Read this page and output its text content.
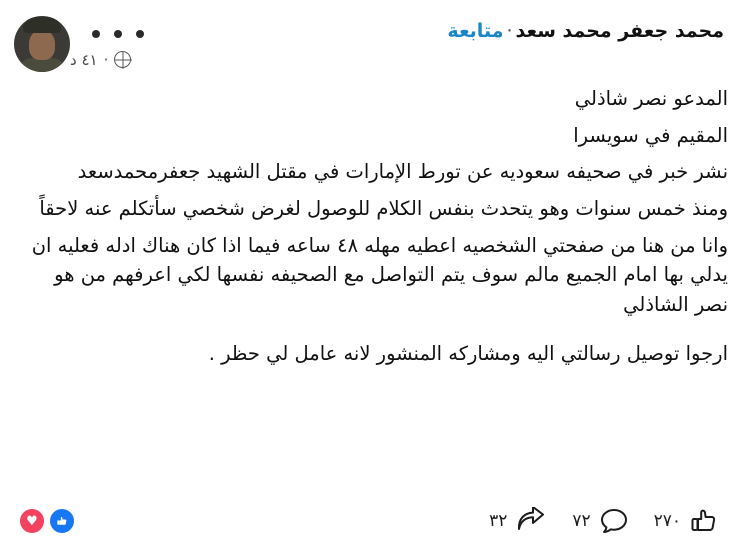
محمد جعفر محمد سعد·متابعة
٤١ د ·

المدعو نصر شاذلي

المقيم في سويسرا

نشر خبر في صحيفه سعوديه عن تورط الإمارات في مقتل الشهيد جعفرمحمدسعد

ومنذ خمس سنوات وهو يتحدث بنفس الكلام للوصول لغرض شخصي سأتكلم عنه لاحقاً

وانا من هنا من صفحتي الشخصيه اعطيه مهله ٤٨ ساعه فيما اذا كان هناك ادله فعليه ان يدلي بها امام الجميع مالم سوف يتم التواصل مع الصحيفه نفسها لكي اعرفهم من هو نصر الشاذلي

ارجوا توصيل رسالتي اليه ومشاركه المنشور لانه عامل لي حظر .

♥	٣٢	٧٢	٢٧٠
